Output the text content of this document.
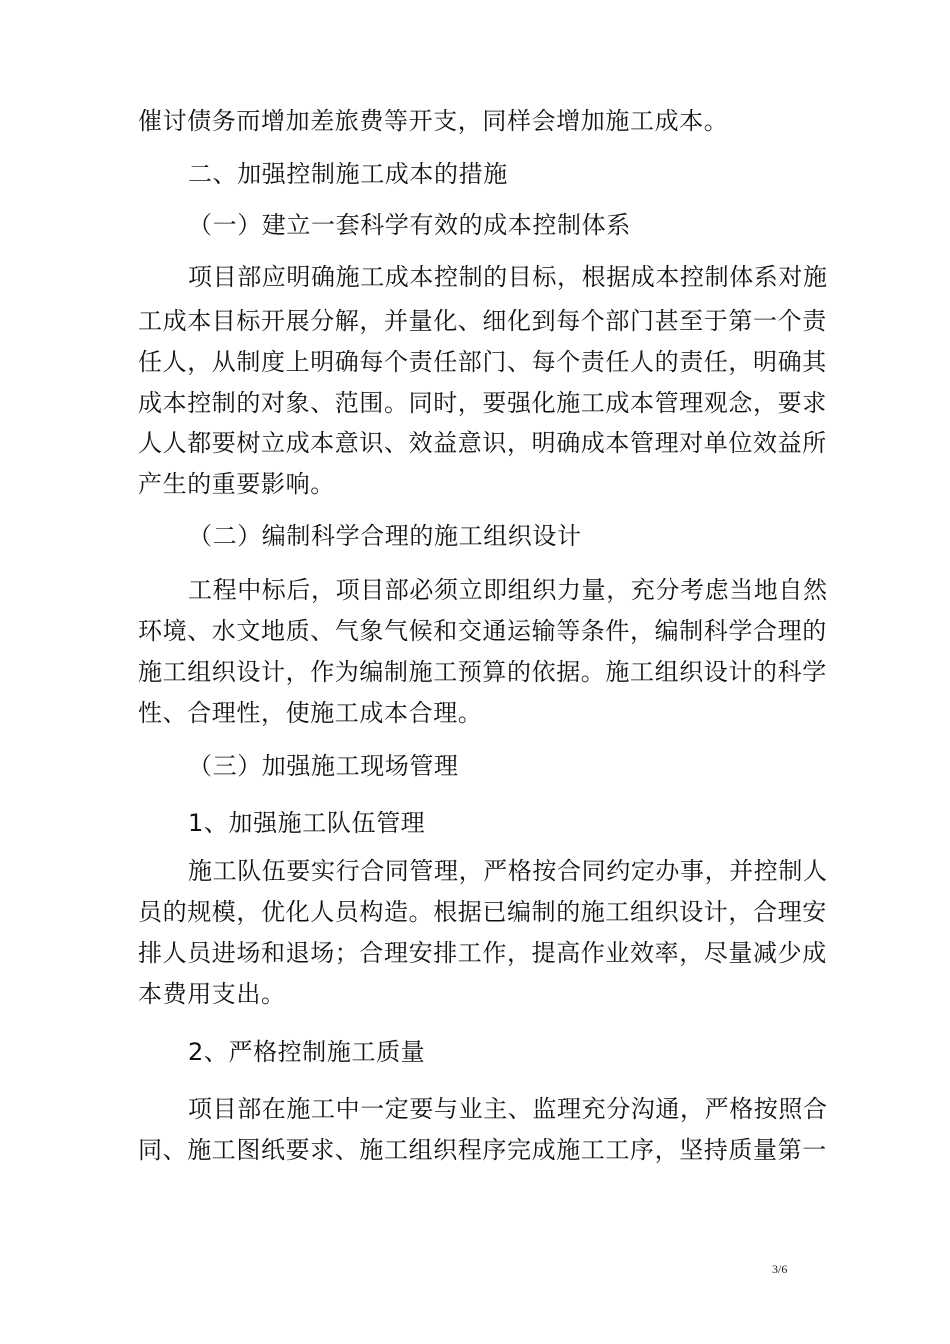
催讨债务而增加差旅费等开支，同样会增加施工成本。
二、加强控制施工成本的措施
（一）建立一套科学有效的成本控制体系
项目部应明确施工成本控制的目标，根据成本控制体系对施
工成本目标开展分解，并量化、细化到每个部门甚至于第一个责
任人，从制度上明确每个责任部门、每个责任人的责任，明确其
成本控制的对象、范围。同时，要强化施工成本管理观念，要求
人人都要树立成本意识、效益意识，明确成本管理对单位效益所
产生的重要影响。
（二）编制科学合理的施工组织设计
工程中标后，项目部必须立即组织力量，充分考虑当地自然
环境、水文地质、气象气候和交通运输等条件，编制科学合理的
施工组织设计，作为编制施工预算的依据。施工组织设计的科学
性、合理性，使施工成本合理。
（三）加强施工现场管理
1、加强施工队伍管理
施工队伍要实行合同管理，严格按合同约定办事，并控制人
员的规模，优化人员构造。根据已编制的施工组织设计，合理安
排人员进场和退场；合理安排工作，提高作业效率，尽量减少成
本费用支出。
2、严格控制施工质量
项目部在施工中一定要与业主、监理充分沟通，严格按照合
同、施工图纸要求、施工组织程序完成施工工序，坚持质量第一
3/6
